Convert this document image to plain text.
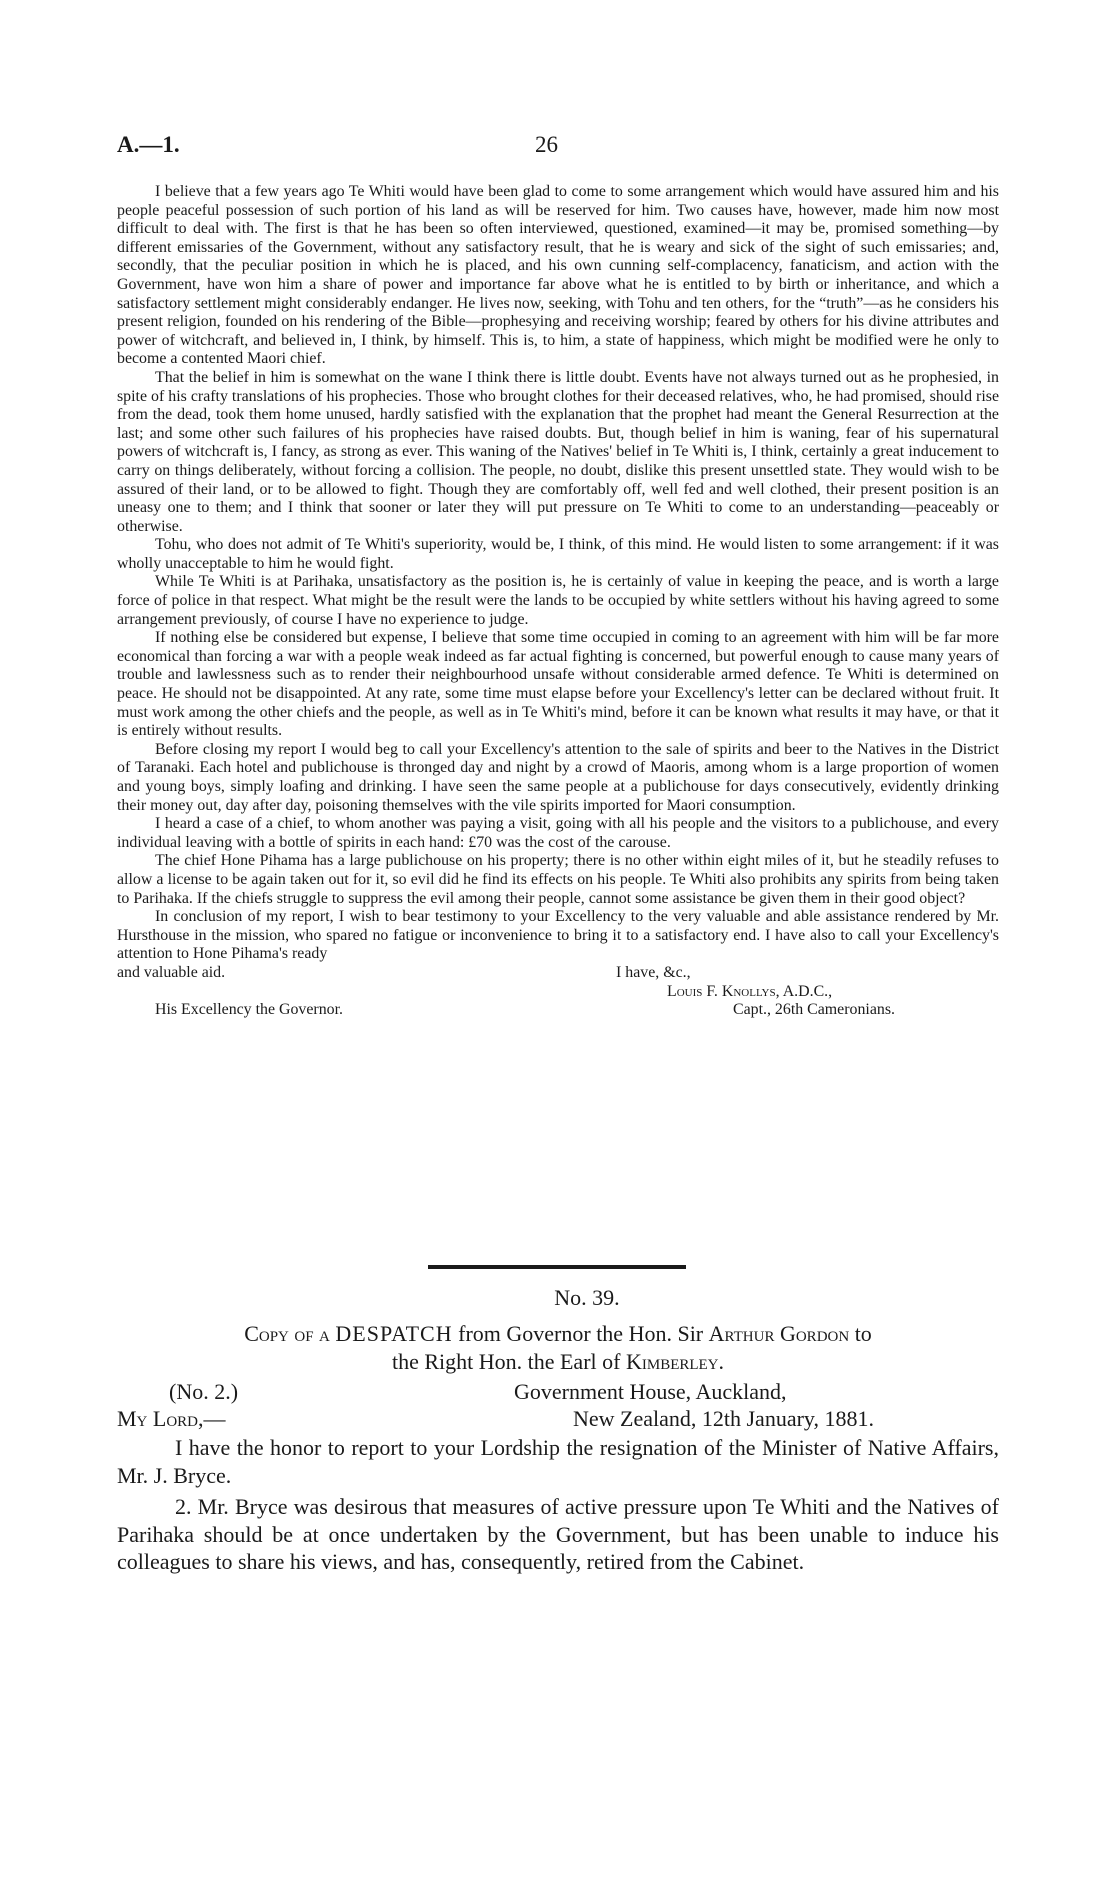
A.—1.	26

I believe that a few years ago Te Whiti would have been glad to come to some arrangement which would have assured him and his people peaceful possession of such portion of his land as will be reserved for him. Two causes have, however, made him now most difficult to deal with. The first is that he has been so often interviewed, questioned, examined—it may be, promised something—by different emissaries of the Government, without any satisfactory result, that he is weary and sick of the sight of such emissaries; and, secondly, that the peculiar position in which he is placed, and his own cunning self-complacency, fanaticism, and action with the Government, have won him a share of power and importance far above what he is entitled to by birth or inheritance, and which a satisfactory settlement might considerably endanger. He lives now, seeking, with Tohu and ten others, for the “truth”—as he considers his present religion, founded on his rendering of the Bible—prophesying and receiving worship; feared by others for his divine attributes and power of witchcraft, and believed in, I think, by himself. This is, to him, a state of happiness, which might be modified were he only to become a contented Maori chief.

That the belief in him is somewhat on the wane I think there is little doubt. Events have not always turned out as he prophesied, in spite of his crafty translations of his prophecies. Those who brought clothes for their deceased relatives, who, he had promised, should rise from the dead, took them home unused, hardly satisfied with the explanation that the prophet had meant the General Resurrection at the last; and some other such failures of his prophecies have raised doubts. But, though belief in him is waning, fear of his supernatural powers of witchcraft is, I fancy, as strong as ever. This waning of the Natives' belief in Te Whiti is, I think, certainly a great inducement to carry on things deliberately, without forcing a collision. The people, no doubt, dislike this present unsettled state. They would wish to be assured of their land, or to be allowed to fight. Though they are comfortably off, well fed and well clothed, their present position is an uneasy one to them; and I think that sooner or later they will put pressure on Te Whiti to come to an understanding—peaceably or otherwise.

Tohu, who does not admit of Te Whiti's superiority, would be, I think, of this mind. He would listen to some arrangement: if it was wholly unacceptable to him he would fight.

While Te Whiti is at Parihaka, unsatisfactory as the position is, he is certainly of value in keeping the peace, and is worth a large force of police in that respect. What might be the result were the lands to be occupied by white settlers without his having agreed to some arrangement previously, of course I have no experience to judge.

If nothing else be considered but expense, I believe that some time occupied in coming to an agreement with him will be far more economical than forcing a war with a people weak indeed as far actual fighting is concerned, but powerful enough to cause many years of trouble and lawlessness such as to render their neighbourhood unsafe without considerable armed defence. Te Whiti is determined on peace. He should not be disappointed. At any rate, some time must elapse before your Excellency's letter can be declared without fruit. It must work among the other chiefs and the people, as well as in Te Whiti's mind, before it can be known what results it may have, or that it is entirely without results.

Before closing my report I would beg to call your Excellency's attention to the sale of spirits and beer to the Natives in the District of Taranaki. Each hotel and publichouse is thronged day and night by a crowd of Maoris, among whom is a large proportion of women and young boys, simply loafing and drinking. I have seen the same people at a publichouse for days consecutively, evidently drinking their money out, day after day, poisoning themselves with the vile spirits imported for Maori consumption.

I heard a case of a chief, to whom another was paying a visit, going with all his people and the visitors to a publichouse, and every individual leaving with a bottle of spirits in each hand: £70 was the cost of the carouse.

The chief Hone Pihama has a large publichouse on his property; there is no other within eight miles of it, but he steadily refuses to allow a license to be again taken out for it, so evil did he find its effects on his people. Te Whiti also prohibits any spirits from being taken to Parihaka. If the chiefs struggle to suppress the evil among their people, cannot some assistance be given them in their good object?

In conclusion of my report, I wish to bear testimony to your Excellency to the very valuable and able assistance rendered by Mr. Hursthouse in the mission, who spared no fatigue or inconvenience to bring it to a satisfactory end. I have also to call your Excellency's attention to Hone Pihama's ready

and valuable aid.	I have, &c.,
Louis F. Knollys, A.D.C.,
His Excellency the Governor.	Capt., 26th Cameronians.
No. 39.
Copy of a DESPATCH from Governor the Hon. Sir Arthur Gordon to
the Right Hon. the Earl of Kimberley.
(No. 2.)	Government House, Auckland,
My Lord,—	New Zealand, 12th January, 1881.

I have the honor to report to your Lordship the resignation of the Minister of Native Affairs, Mr. J. Bryce.

2. Mr. Bryce was desirous that measures of active pressure upon Te Whiti and the Natives of Parihaka should be at once undertaken by the Government, but has been unable to induce his colleagues to share his views, and has, consequently, retired from the Cabinet.
